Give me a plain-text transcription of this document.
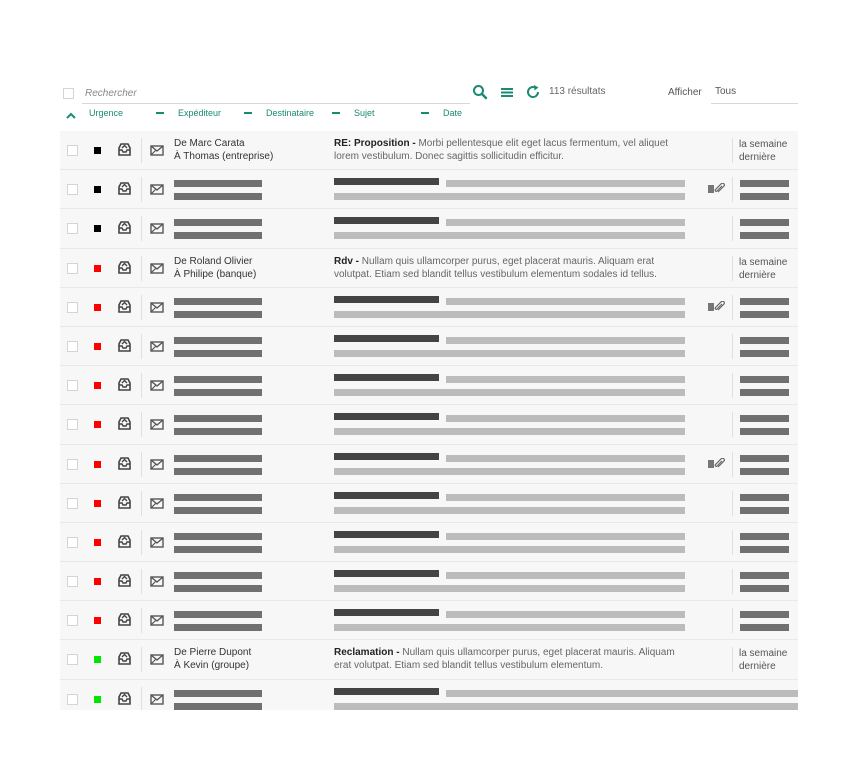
Rechercher
113 résultats	Afficher	Tous
Urgence	Expéditeur	Destinataire	Sujet	Date
De Marc Carata
À Thomas (entreprise)
RE: Proposition - Morbi pellentesque elit eget lacus fermentum, vel aliquet lorem vestibulum. Donec sagittis sollicitudin efficitur.
la semaine dernière
De Roland Olivier
À Philipe (banque)
Rdv - Nullam quis ullamcorper purus, eget placerat mauris. Aliquam erat volutpat. Etiam sed blandit tellus vestibulum elementum sodales id tellus.
la semaine dernière
De Pierre Dupont
À Kevin (groupe)
Reclamation - Nullam quis ullamcorper purus, eget placerat mauris. Aliquam erat volutpat. Etiam sed blandit tellus vestibulum elementum.
la semaine dernière
